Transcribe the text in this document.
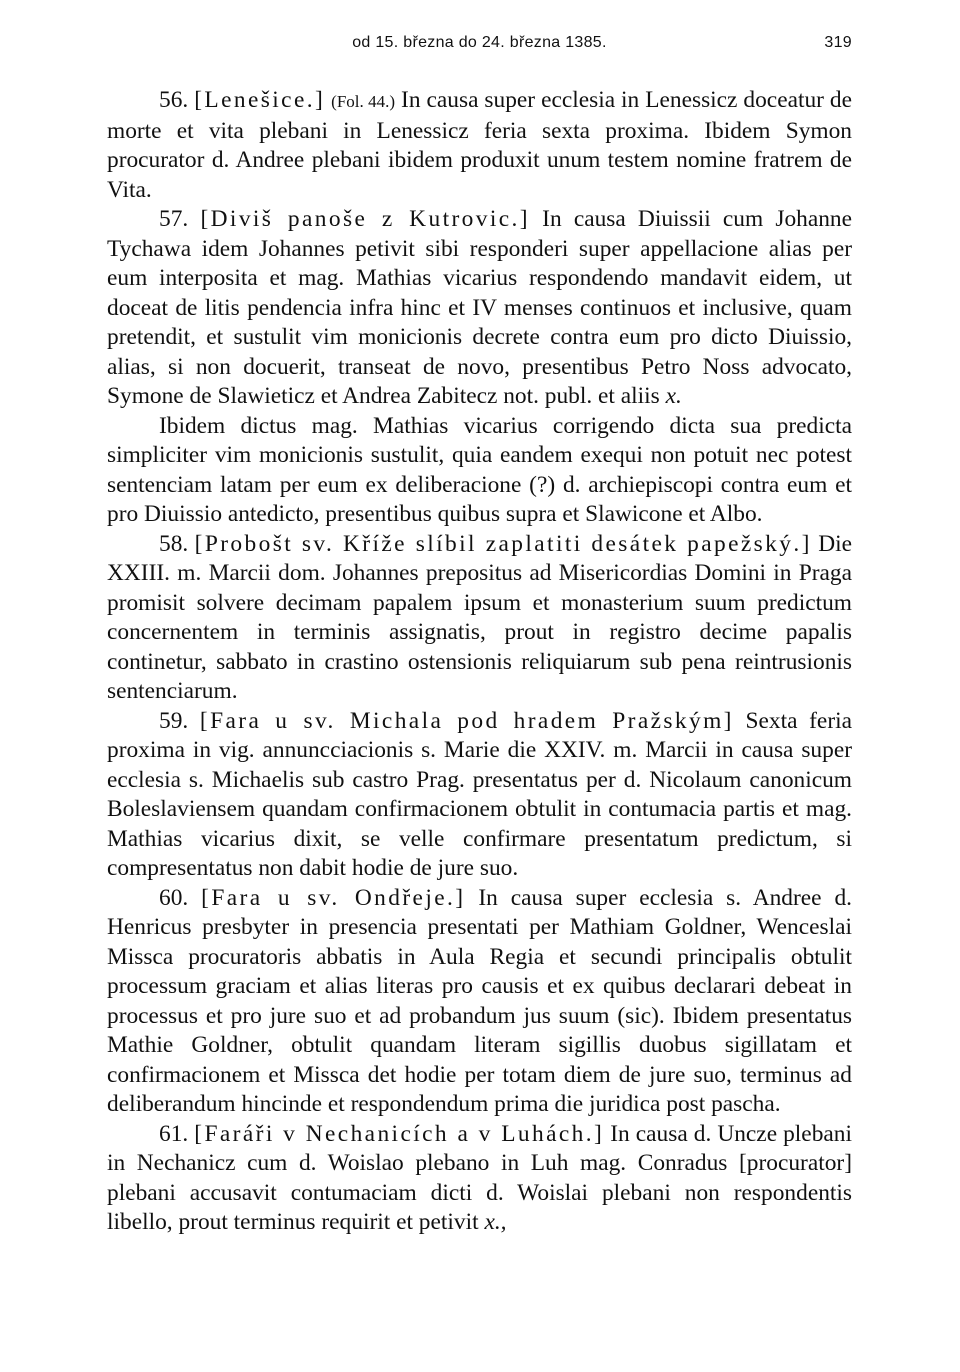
od 15. března do 24. března 1385.	319

56. [Lenešice.] (Fol. 44.) In causa super ecclesia in Lenessicz doceatur de morte et vita plebani in Lenessicz feria sexta proxima. Ibidem Symon procurator d. Andree plebani ibidem produxit unum testem nomine fratrem de Vita.

57. [Diviš panoše z Kutrovic.] In causa Diuissii cum Johanne Tychawa idem Johannes petivit sibi responderi super appellacione alias per eum interposita et mag. Mathias vicarius respondendo mandavit eidem, ut doceat de litis pendencia infra hinc et IV menses continuos et inclusive, quam pretendit, et sustulit vim monicionis decrete contra eum pro dicto Diuissio, alias, si non docuerit, transeat de novo, presentibus Petro Noss advocato, Symone de Slawieticz et Andrea Zabitecz not. publ. et aliis x.

Ibidem dictus mag. Mathias vicarius corrigendo dicta sua predicta simpliciter vim monicionis sustulit, quia eandem exequi non potuit nec potest sentenciam latam per eum ex deliberacione (?) d. archiepiscopi contra eum et pro Diuissio antedicto, presentibus quibus supra et Slawicone et Albo.

58. [Probošt sv. Kříže slíbil zaplatiti desátek papežský.] Die XXIII. m. Marcii dom. Johannes prepositus ad Misericordias Domini in Praga promisit solvere decimam papalem ipsum et monasterium suum predictum concernentem in terminis assignatis, prout in registro decime papalis continetur, sabbato in crastino ostensionis reliquiarum sub pena reintrusionis sentenciarum.

59. [Fara u sv. Michala pod hradem Pražským] Sexta feria proxima in vig. annuncciacionis s. Marie die XXIV. m. Marcii in causa super ecclesia s. Michaelis sub castro Prag. presentatus per d. Nicolaum canonicum Boleslaviensem quandam confirmacionem obtulit in contumacia partis et mag. Mathias vicarius dixit, se velle confirmare presentatum predictum, si compresentatus non dabit hodie de jure suo.

60. [Fara u sv. Ondřeje.] In causa super ecclesia s. Andree d. Henricus presbyter in presencia presentati per Mathiam Goldner, Wenceslai Missca procuratoris abbatis in Aula Regia et secundi principalis obtulit processum graciam et alias literas pro causis et ex quibus declarari debeat in processus et pro jure suo et ad probandum jus suum (sic). Ibidem presentatus Mathie Goldner, obtulit quandam literam sigillis duobus sigillatam et confirmacionem et Missca det hodie per totam diem de jure suo, terminus ad deliberandum hincinde et respondendum prima die juridica post pascha.

61. [Faráři v Nechanicích a v Luhách.] In causa d. Uncze plebani in Nechanicz cum d. Woislao plebano in Luh mag. Conradus [procurator] plebani accusavit contumaciam dicti d. Woislai plebani non respondentis libello, prout terminus requirit et petivit x.,
